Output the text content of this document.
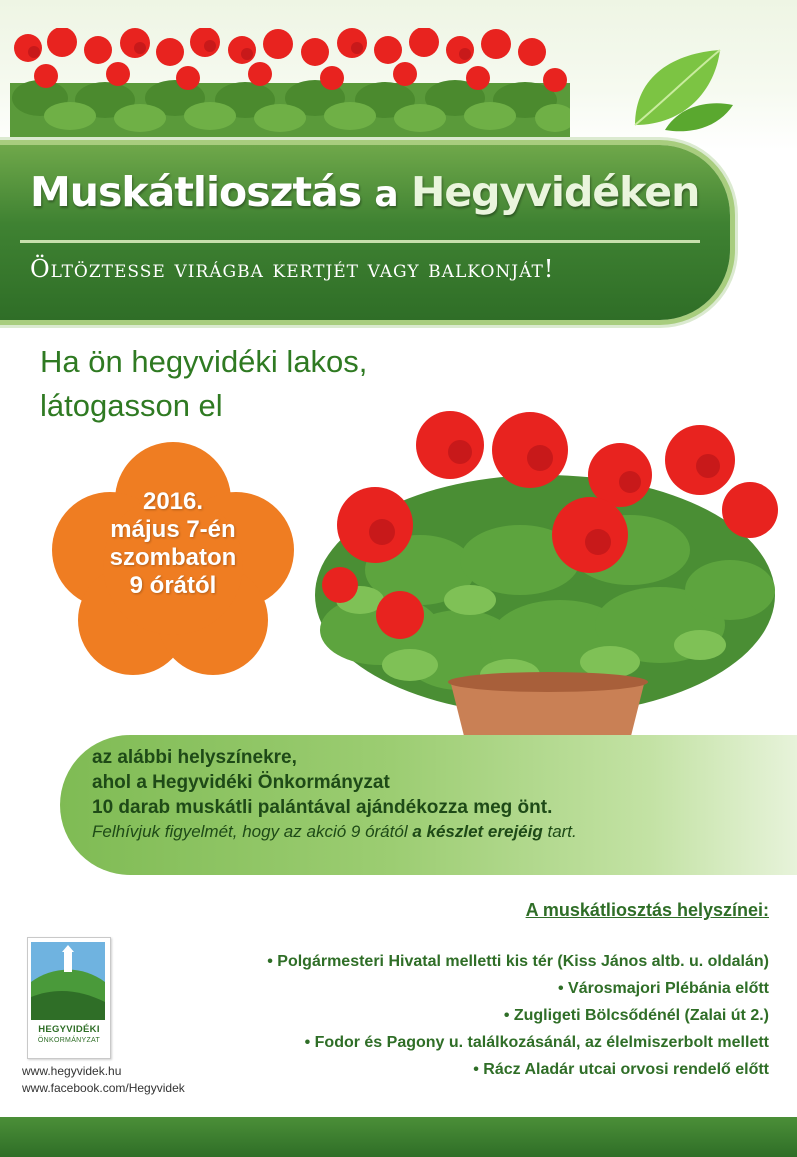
Muskátliosztás a Hegyvidéken
Öltöztesse virágba kertjét vagy balkonját!
Ha ön hegyvidéki lakos,
látogasson el
2016.
május 7-én
szombaton
9 órától
az alábbi helyszínekre,
ahol a Hegyvidéki Önkormányzat
10 darab muskátli palántával ajándékozza meg önt.
Felhívjuk figyelmét, hogy az akció 9 órától a készlet erejéig tart.
A muskátliosztás helyszínei:
• Polgármesteri Hivatal melletti kis tér (Kiss János altb. u. oldalán)
• Városmajori Plébánia előtt
• Zugligeti Bölcsődénél (Zalai út 2.)
• Fodor és Pagony u. találkozásánál, az élelmiszerbolt mellett
• Rácz Aladár utcai orvosi rendelő előtt
HEGYVIDÉKI
ÖNKORMÁNYZAT
www.hegyvidek.hu
www.facebook.com/Hegyvidek
